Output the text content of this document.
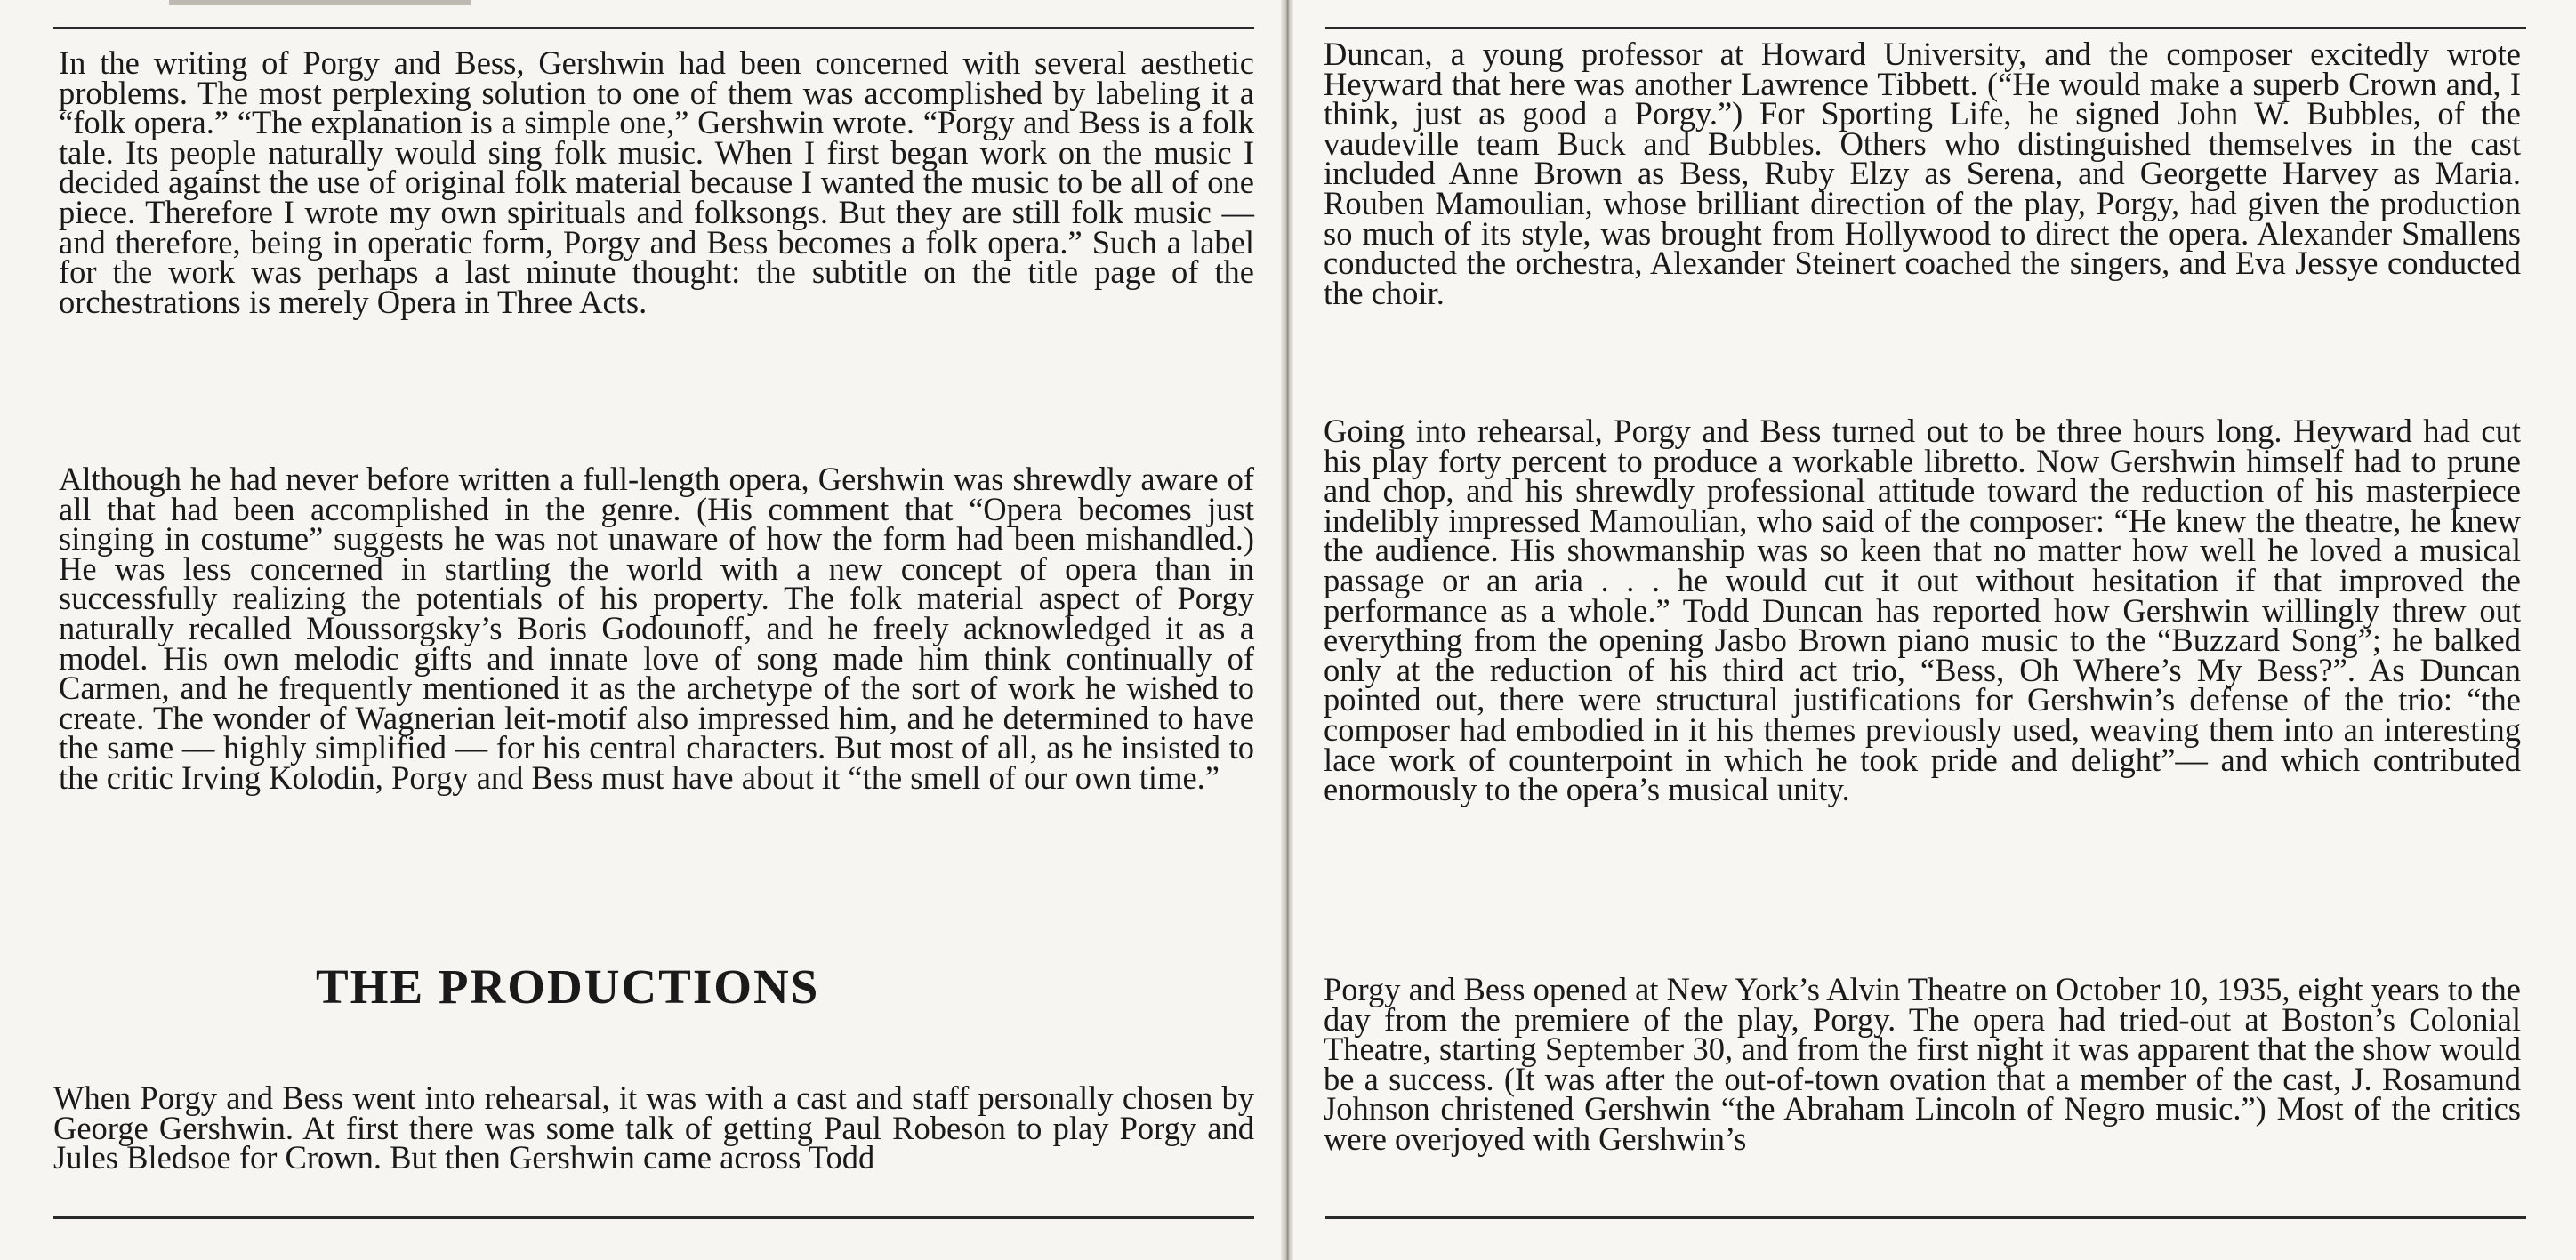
In the writing of Porgy and Bess, Gershwin had been concerned with several aesthetic problems. The most perplexing solution to one of them was accomplished by labeling it a “folk opera.” “The explanation is a simple one,” Gershwin wrote. “Porgy and Bess is a folk tale. Its people naturally would sing folk music. When I first began work on the music I decided against the use of original folk material because I wanted the music to be all of one piece. Therefore I wrote my own spirituals and folksongs. But they are still folk music — and therefore, being in operatic form, Porgy and Bess becomes a folk opera.” Such a label for the work was perhaps a last minute thought: the subtitle on the title page of the orchestrations is merely Opera in Three Acts.

Although he had never before written a full-length opera, Gershwin was shrewdly aware of all that had been accomplished in the genre. (His comment that “Opera becomes just singing in costume” suggests he was not unaware of how the form had been mishandled.) He was less concerned in startling the world with a new concept of opera than in successfully realizing the potentials of his property. The folk material aspect of Porgy naturally recalled Moussorgsky’s Boris Godounoff, and he freely acknowledged it as a model. His own melodic gifts and innate love of song made him think continually of Carmen, and he frequently mentioned it as the archetype of the sort of work he wished to create. The wonder of Wagnerian leit-motif also impressed him, and he determined to have the same — highly simplified — for his central characters. But most of all, as he insisted to the critic Irving Kolodin, Porgy and Bess must have about it “the smell of our own time.”

THE PRODUCTIONS

When Porgy and Bess went into rehearsal, it was with a cast and staff personally chosen by George Gershwin. At first there was some talk of getting Paul Robeson to play Porgy and Jules Bledsoe for Crown. But then Gershwin came across Todd

Duncan, a young professor at Howard University, and the composer excitedly wrote Heyward that here was another Lawrence Tibbett. (“He would make a superb Crown and, I think, just as good a Porgy.”) For Sporting Life, he signed John W. Bubbles, of the vaudeville team Buck and Bubbles. Others who distinguished themselves in the cast included Anne Brown as Bess, Ruby Elzy as Serena, and Georgette Harvey as Maria. Rouben Mamoulian, whose brilliant direction of the play, Porgy, had given the production so much of its style, was brought from Hollywood to direct the opera. Alexander Smallens conducted the orchestra, Alexander Steinert coached the singers, and Eva Jessye conducted the choir.

Going into rehearsal, Porgy and Bess turned out to be three hours long. Heyward had cut his play forty percent to produce a workable libretto. Now Gershwin himself had to prune and chop, and his shrewdly professional attitude toward the reduction of his masterpiece indelibly impressed Mamoulian, who said of the composer: “He knew the theatre, he knew the audience. His showmanship was so keen that no matter how well he loved a musical passage or an aria . . . he would cut it out without hesitation if that improved the performance as a whole.” Todd Duncan has reported how Gershwin willingly threw out everything from the opening Jasbo Brown piano music to the “Buzzard Song”; he balked only at the reduction of his third act trio, “Bess, Oh Where’s My Bess?”. As Duncan pointed out, there were structural justifications for Gershwin’s defense of the trio: “the composer had embodied in it his themes previously used, weaving them into an interesting lace work of counterpoint in which he took pride and delight”— and which contributed enormously to the opera’s musical unity.

Porgy and Bess opened at New York’s Alvin Theatre on October 10, 1935, eight years to the day from the premiere of the play, Porgy. The opera had tried-out at Boston’s Colonial Theatre, starting September 30, and from the first night it was apparent that the show would be a success. (It was after the out-of-town ovation that a member of the cast, J. Rosamund Johnson christened Gershwin “the Abraham Lincoln of Negro music.”) Most of the critics were overjoyed with Gershwin’s
